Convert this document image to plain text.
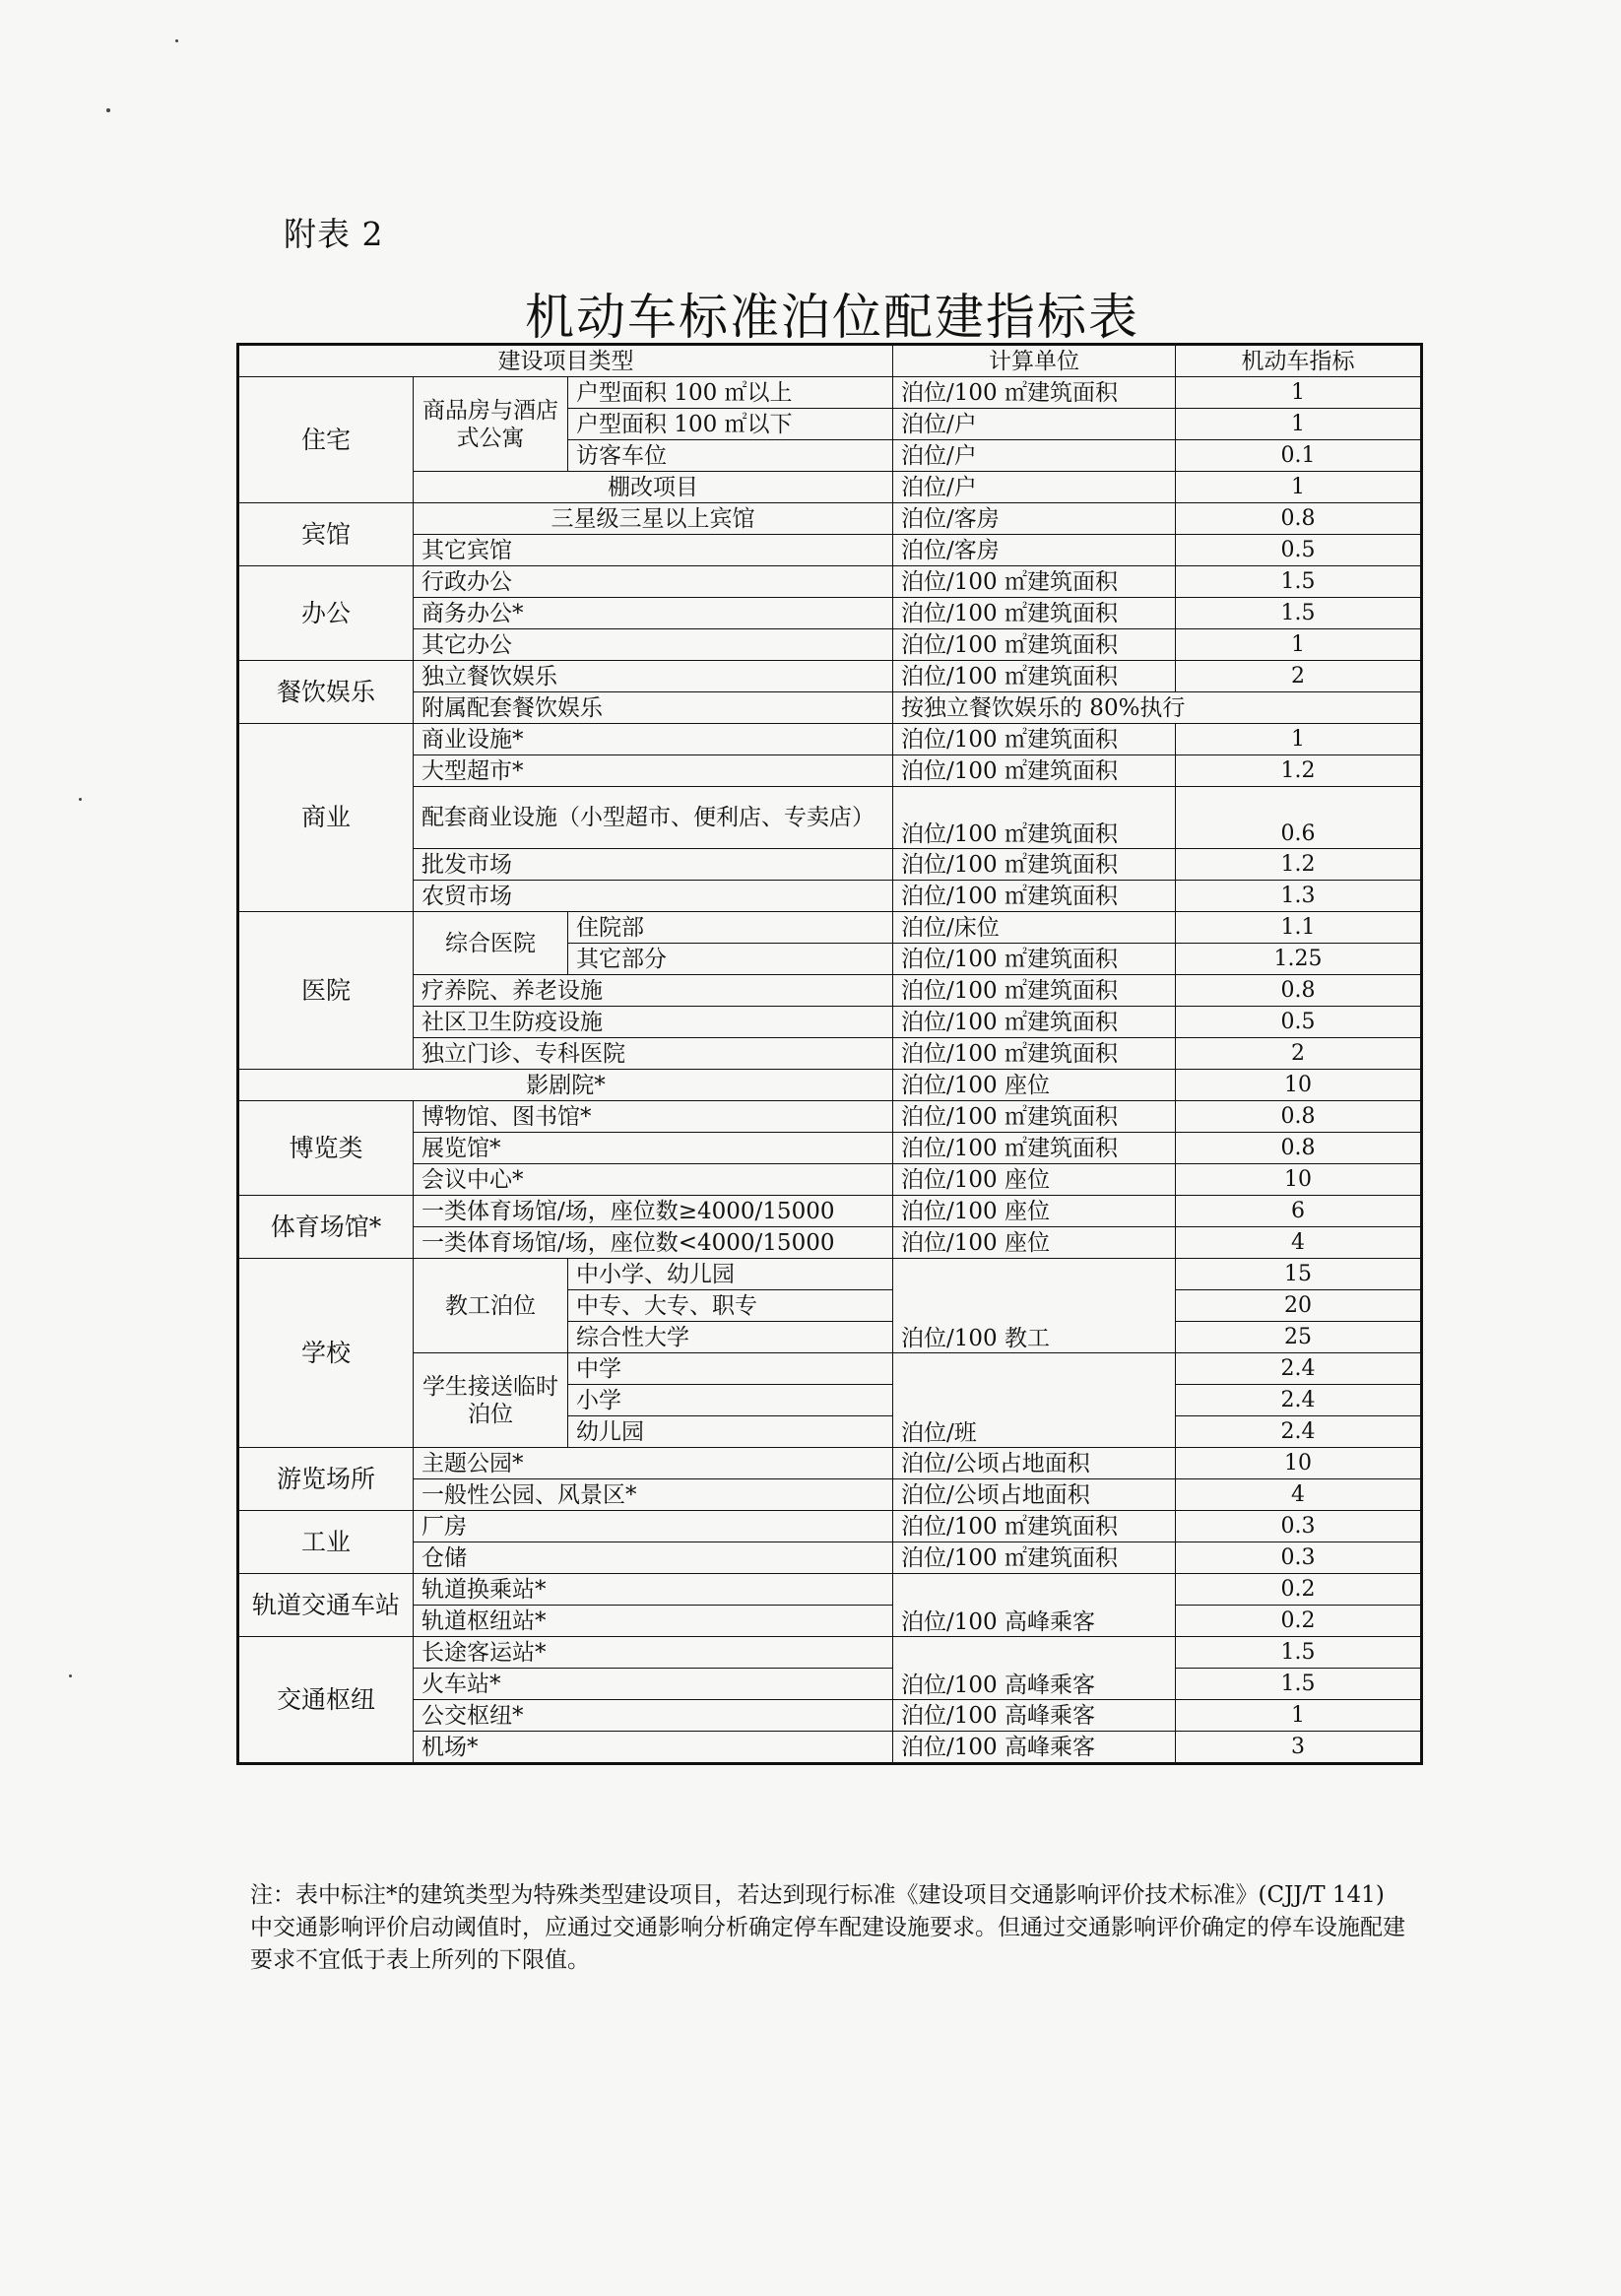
附表 2
机动车标准泊位配建指标表
建设项目类型			计算单位	机动车指标
住宅	商品房与酒店式公寓	户型面积 100 ㎡以上	泊位/100 ㎡建筑面积	1
		户型面积 100 ㎡以下	泊位/户	1
		访客车位	泊位/户	0.1
	棚改项目		泊位/户	1
宾馆	三星级三星以上宾馆		泊位/客房	0.8
	其它宾馆		泊位/客房	0.5
办公	行政办公		泊位/100 ㎡建筑面积	1.5
	商务办公*		泊位/100 ㎡建筑面积	1.5
	其它办公		泊位/100 ㎡建筑面积	1
餐饮娱乐	独立餐饮娱乐		泊位/100 ㎡建筑面积	2
	附属配套餐饮娱乐		按独立餐饮娱乐的 80%执行	
商业	商业设施*		泊位/100 ㎡建筑面积	1
	大型超市*		泊位/100 ㎡建筑面积	1.2
	配套商业设施（小型超市、便利店、专卖店）		泊位/100 ㎡建筑面积	0.6
	批发市场		泊位/100 ㎡建筑面积	1.2
	农贸市场		泊位/100 ㎡建筑面积	1.3
医院	综合医院	住院部	泊位/床位	1.1
		其它部分	泊位/100 ㎡建筑面积	1.25
	疗养院、养老设施		泊位/100 ㎡建筑面积	0.8
	社区卫生防疫设施		泊位/100 ㎡建筑面积	0.5
	独立门诊、专科医院		泊位/100 ㎡建筑面积	2
影剧院*			泊位/100 座位	10
博览类	博物馆、图书馆*		泊位/100 ㎡建筑面积	0.8
	展览馆*		泊位/100 ㎡建筑面积	0.8
	会议中心*		泊位/100 座位	10
体育场馆*	一类体育场馆/场，座位数≥4000/15000		泊位/100 座位	6
	一类体育场馆/场，座位数<4000/15000		泊位/100 座位	4
学校	教工泊位	中小学、幼儿园	泊位/100 教工	15
		中专、大专、职专		20
		综合性大学		25
	学生接送临时泊位	中学	泊位/班	2.4
		小学		2.4
		幼儿园		2.4
游览场所	主题公园*		泊位/公顷占地面积	10
	一般性公园、风景区*		泊位/公顷占地面积	4
工业	厂房		泊位/100 ㎡建筑面积	0.3
	仓储		泊位/100 ㎡建筑面积	0.3
轨道交通车站	轨道换乘站*		泊位/100 高峰乘客	0.2
	轨道枢纽站*			0.2
交通枢纽	长途客运站*		泊位/100 高峰乘客	1.5
	火车站*			1.5
	公交枢纽*		泊位/100 高峰乘客	1
	机场*		泊位/100 高峰乘客	3
注：表中标注*的建筑类型为特殊类型建设项目，若达到现行标准《建设项目交通影响评价技术标准》(CJJ/T 141) 中交通影响评价启动阈值时，应通过交通影响分析确定停车配建设施要求。但通过交通影响评价确定的停车设施配建要求不宜低于表上所列的下限值。
